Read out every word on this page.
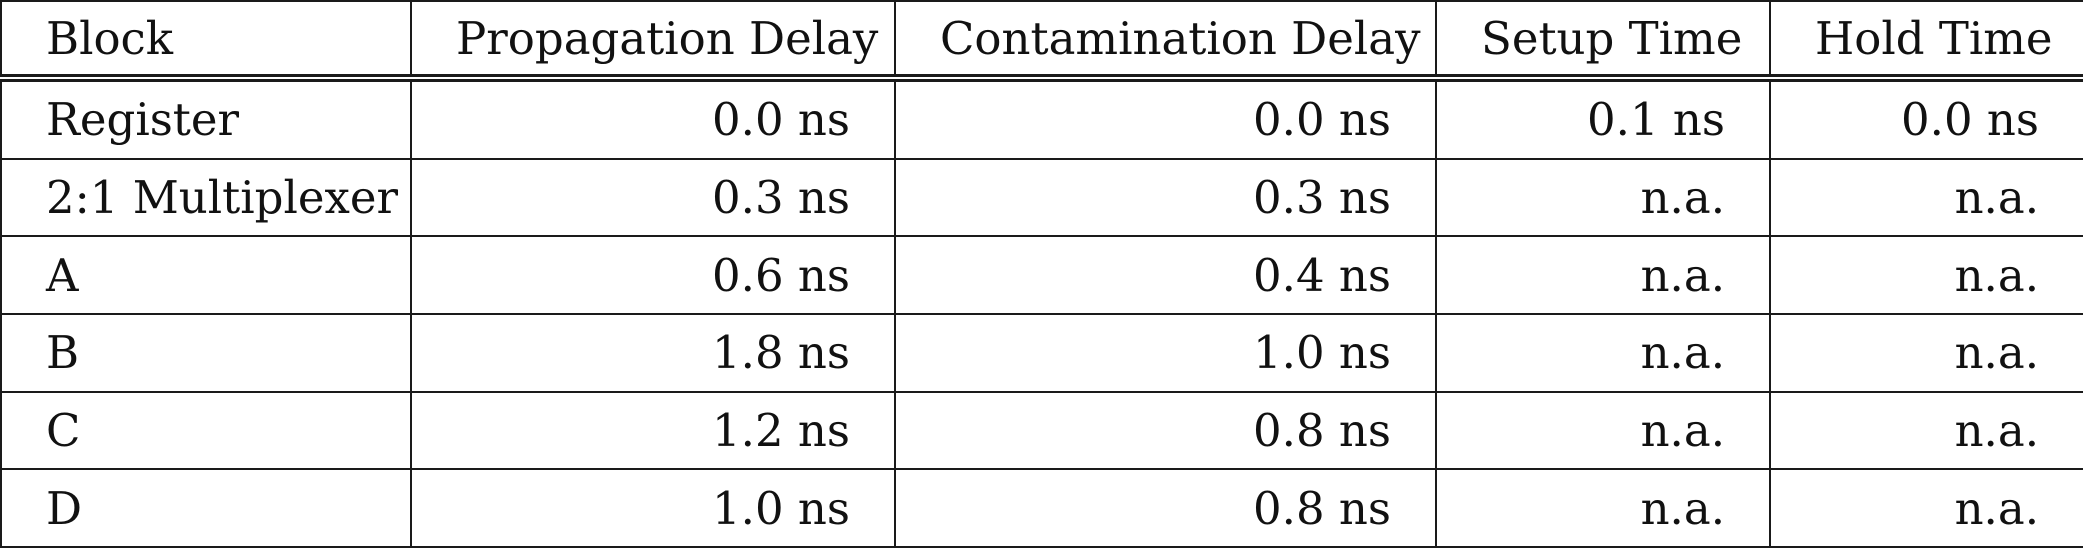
Block	Propagation Delay	Contamination Delay	Setup Time	Hold Time
Register	0.0 ns	0.0 ns	0.1 ns	0.0 ns
2:1 Multiplexer	0.3 ns	0.3 ns	n.a.	n.a.
A	0.6 ns	0.4 ns	n.a.	n.a.
B	1.8 ns	1.0 ns	n.a.	n.a.
C	1.2 ns	0.8 ns	n.a.	n.a.
D	1.0 ns	0.8 ns	n.a.	n.a.
